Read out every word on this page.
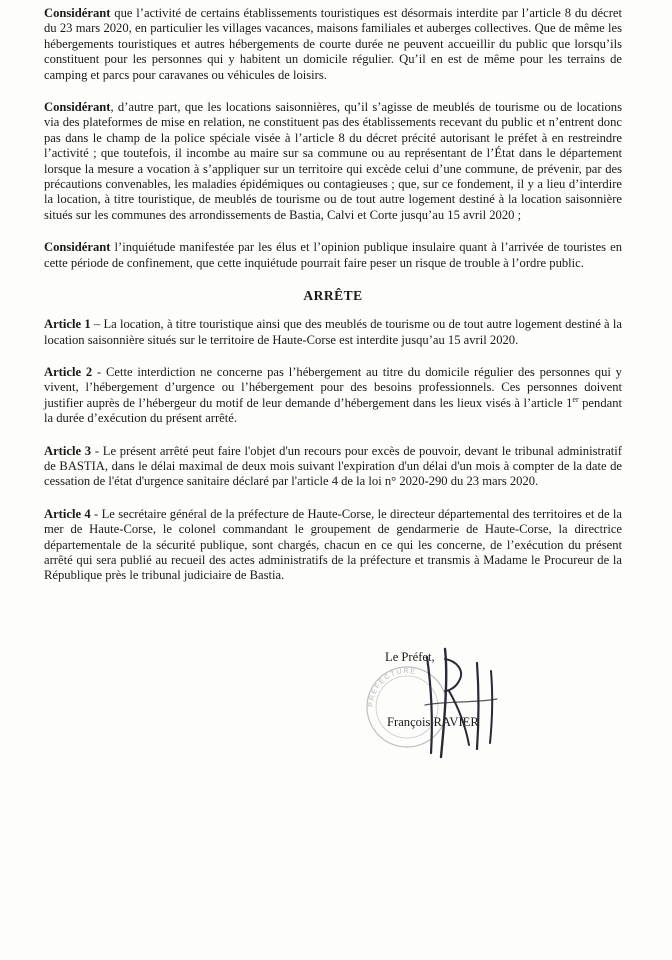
Considérant que l’activité de certains établissements touristiques est désormais interdite par l’article 8 du décret du 23 mars 2020, en particulier les villages vacances, maisons familiales et auberges collectives. Que de même les hébergements touristiques et autres hébergements de courte durée ne peuvent accueillir du public que lorsqu’ils constituent pour les personnes qui y habitent un domicile régulier. Qu’il en est de même pour les terrains de camping et parcs pour caravanes ou véhicules de loisirs.

Considérant, d’autre part, que les locations saisonnières, qu’il s’agisse de meublés de tourisme ou de locations via des plateformes de mise en relation, ne constituent pas des établissements recevant du public et n’entrent donc pas dans le champ de la police spéciale visée à l’article 8 du décret précité autorisant le préfet à en restreindre l’activité ; que toutefois, il incombe au maire sur sa commune ou au représentant de l’État dans le département lorsque la mesure a vocation à s’appliquer sur un territoire qui excède celui d’une commune, de prévenir, par des précautions convenables, les maladies épidémiques ou contagieuses ; que, sur ce fondement, il y a lieu d’interdire la location, à titre touristique, de meublés de tourisme ou de tout autre logement destiné à la location saisonnière situés sur les communes des arrondissements de Bastia, Calvi et Corte jusqu’au 15 avril 2020 ;

Considérant l’inquiétude manifestée par les élus et l’opinion publique insulaire quant à l’arrivée de touristes en cette période de confinement, que cette inquiétude pourrait faire peser un risque de trouble à l’ordre public.

ARRÊTE

Article 1 – La location, à titre touristique ainsi que des meublés de tourisme ou de tout autre logement destiné à la location saisonnière situés sur le territoire de Haute-Corse est interdite jusqu’au 15 avril 2020.

Article 2 - Cette interdiction ne concerne pas l’hébergement au titre du domicile régulier des personnes qui y vivent, l’hébergement d’urgence ou l’hébergement pour des besoins professionnels. Ces personnes doivent justifier auprès de l’hébergeur du motif de leur demande d’hébergement dans les lieux visés à l’article 1er pendant la durée d’exécution du présent arrêté.

Article 3 - Le présent arrêté peut faire l'objet d'un recours pour excès de pouvoir, devant le tribunal administratif de BASTIA, dans le délai maximal de deux mois suivant l'expiration d'un délai d'un mois à compter de la date de cessation de l'état d'urgence sanitaire déclaré par l'article 4 de la loi n° 2020-290 du 23 mars 2020.

Article 4 - Le secrétaire général de la préfecture de Haute-Corse, le directeur départemental des territoires et de la mer de Haute-Corse, le colonel commandant le groupement de gendarmerie de Haute-Corse, la directrice départementale de la sécurité publique, sont chargés, chacun en ce qui les concerne, de l’exécution du présent arrêté qui sera publié au recueil des actes administratifs de la préfecture et transmis à Madame le Procureur de la République près le tribunal judiciaire de Bastia.

PRÉFECTURE
Le Préfet,
François RAVIER
